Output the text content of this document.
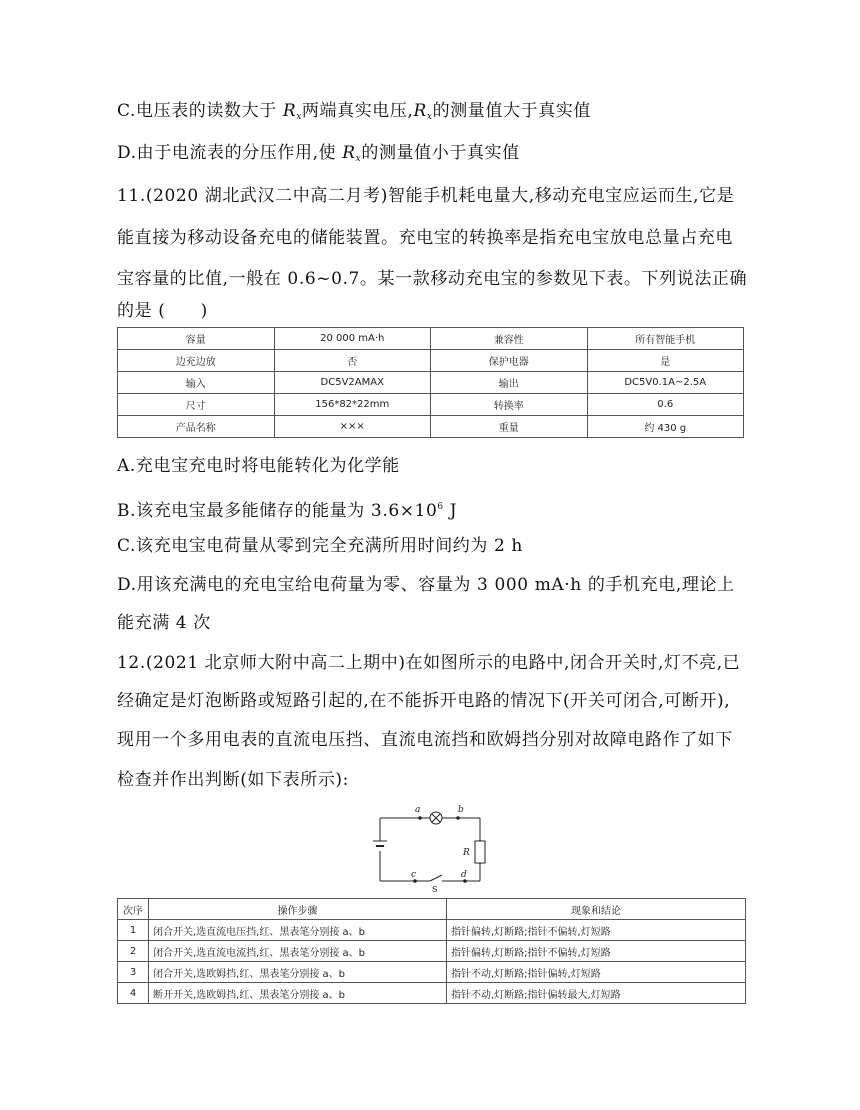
C.电压表的读数大于 $R_x$两端真实电压$,R_x$的测量值大于真实值
D.由于电流表的分压作用,使 $R_x$的测量值小于真实值
11.(2020 湖北武汉二中高二月考)智能手机耗电量大,移动充电宝应运而生,它是
能直接为移动设备充电的储能装置。充电宝的转换率是指充电宝放电总量占充电
宝容量的比值,一般在 0.6~0.7。某一款移动充电宝的参数见下表。下列说法正确
的是 (　　)
容量	20 000 mA·h	兼容性	所有智能手机
边充边放	否	保护电器	是
输入	DC5V2AMAX	输出	DC5V0.1A~2.5A
尺寸	156*82*22mm	转换率	0.6
产品名称	×××	重量	约 430 g
A.充电宝充电时将电能转化为化学能
B.该充电宝最多能储存的能量为 $3.6\times 10^6$ J
C.该充电宝电荷量从零到完全充满所用时间约为 2 h
D.用该充满电的充电宝给电荷量为零、容量为 3 000 mA·h 的手机充电,理论上
能充满 4 次
12.(2021 北京师大附中高二上期中)在如图所示的电路中,闭合开关时,灯不亮,已
经确定是灯泡断路或短路引起的,在不能拆开电路的情况下(开关可闭合,可断开),
现用一个多用电表的直流电压挡、直流电流挡和欧姆挡分别对故障电路作了如下
检查并作出判断(如下表所示):
a	b
c	d
R
S
次序	操作步骤	现象和结论
1	闭合开关,选直流电压挡,红、黑表笔分别接 a、b	指针偏转,灯断路;指针不偏转,灯短路
2	闭合开关,选直流电流挡,红、黑表笔分别接 a、b	指针偏转,灯断路;指针不偏转,灯短路
3	闭合开关,选欧姆挡,红、黑表笔分别接 a、b	指针不动,灯断路;指针偏转,灯短路
4	断开开关,选欧姆挡,红、黑表笔分别接 a、b	指针不动,灯断路;指针偏转最大,灯短路
